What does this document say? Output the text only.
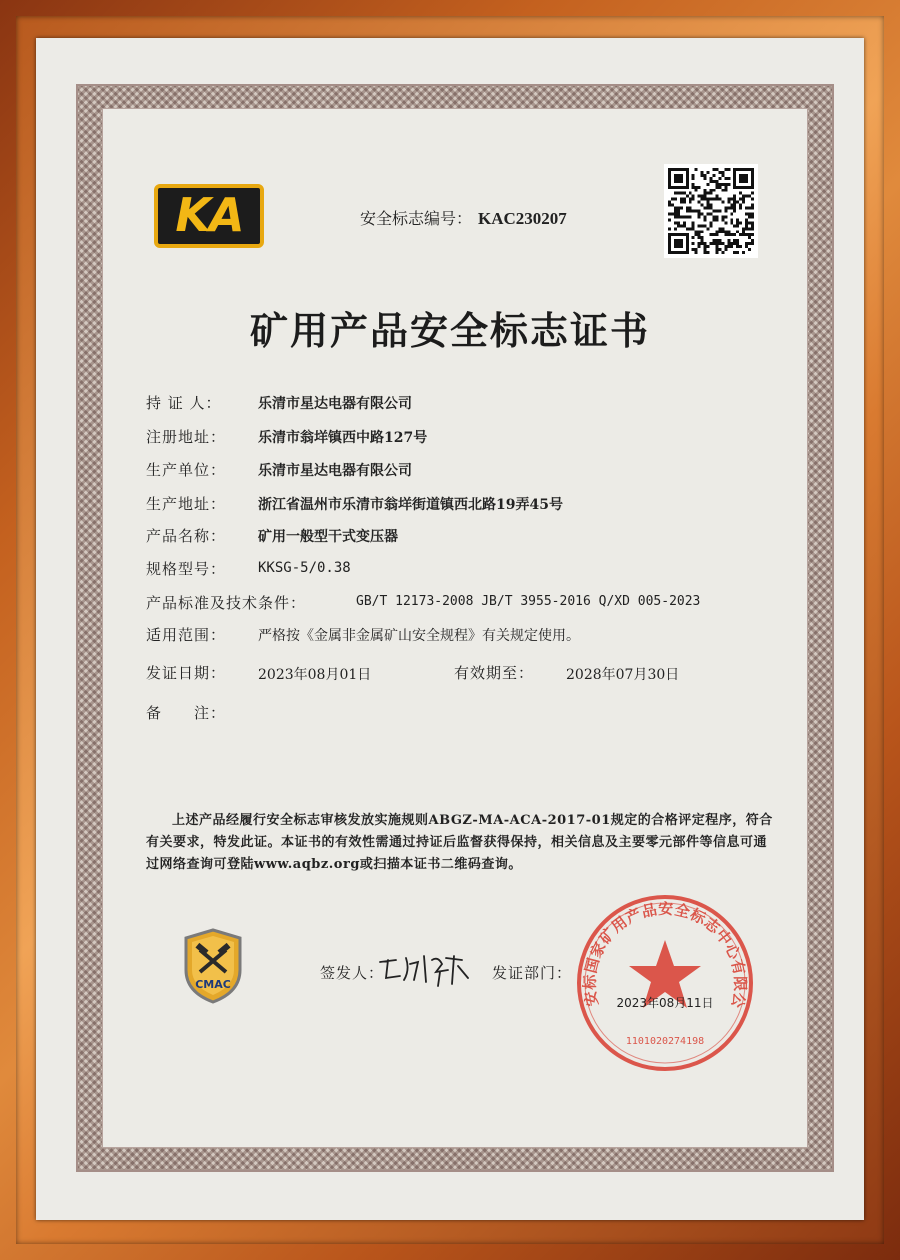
KA	安全标志编号： KAC230207
矿用产品安全标志证书
持 证 人：	乐清市星达电器有限公司
注册地址： 乐清市翁垟镇西中路127号
生产单位： 乐清市星达电器有限公司
生产地址： 浙江省温州市乐清市翁垟街道镇西北路19弄45号
产品名称： 矿用一般型干式变压器
规格型号： KKSG-5/0.38
产品标准及技术条件：	GB/T 12173-2008 JB/T 3955-2016 Q/XD 005-2023
适用范围： 严格按《金属非金属矿山安全规程》有关规定使用。
发证日期： 2023年08月01日	有效期至： 2028年07月30日
备　　注：
上述产品经履行安全标志审核发放实施规则ABGZ-MA-ACA-2017-01规定的合格评定程序，符合有关要求，特发此证。本证书的有效性需通过持证后监督获得保持，相关信息及主要零元部件等信息可通过网络查询可登陆www.aqbz.org或扫描本证书二维码查询。
CMAC
签发人：	发证部门：
安标国家矿用产品安全标志中心有限公
2023年08月11日
1101020274198
